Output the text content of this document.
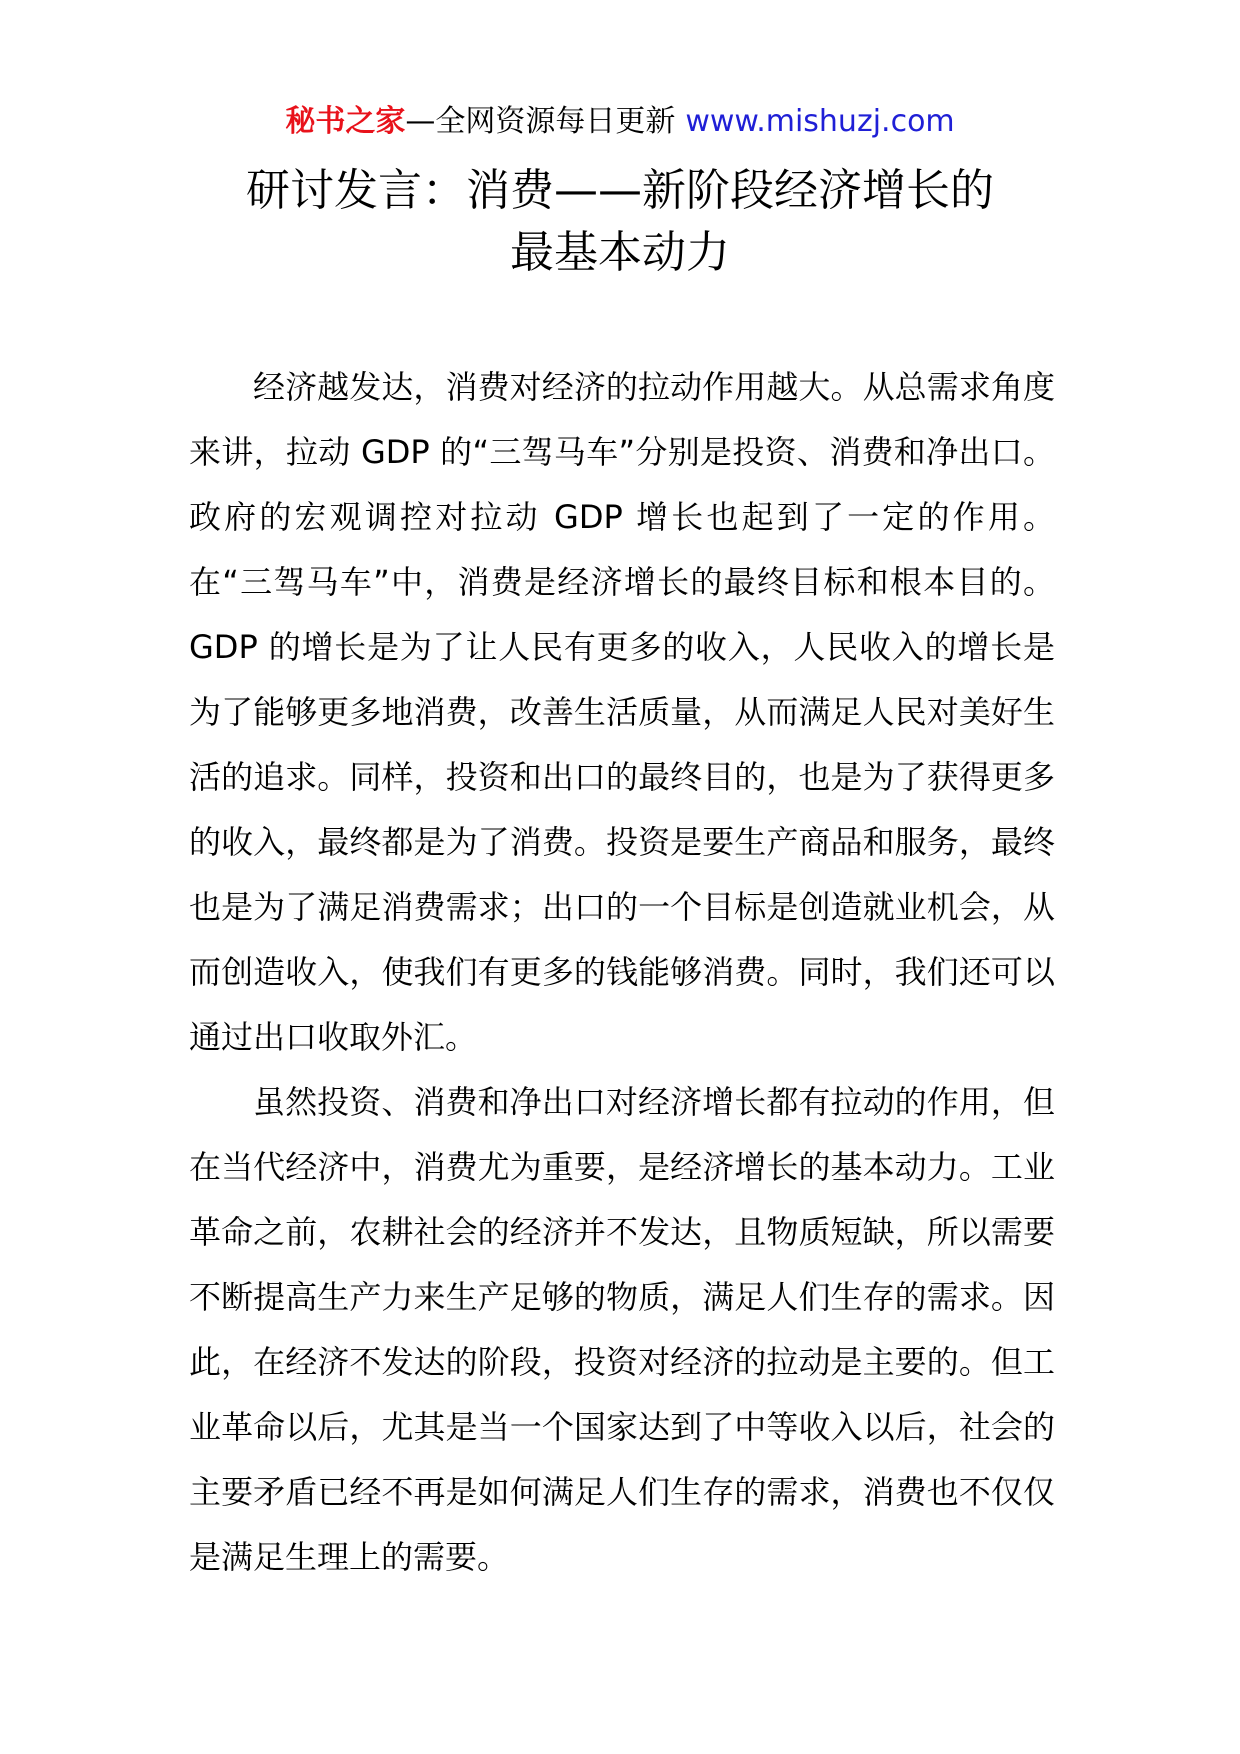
秘书之家—全网资源每日更新 www.mishuzj.com
研讨发言：消费——新阶段经济增长的
最基本动力

经济越发达，消费对经济的拉动作用越大。从总需求角度来讲，拉动 GDP 的“三驾马车”分别是投资、消费和净出口。政府的宏观调控对拉动 GDP 增长也起到了一定的作用。在“三驾马车”中，消费是经济增长的最终目标和根本目的。GDP 的增长是为了让人民有更多的收入，人民收入的增长是为了能够更多地消费，改善生活质量，从而满足人民对美好生活的追求。同样，投资和出口的最终目的，也是为了获得更多的收入，最终都是为了消费。投资是要生产商品和服务，最终也是为了满足消费需求；出口的一个目标是创造就业机会，从而创造收入，使我们有更多的钱能够消费。同时，我们还可以通过出口收取外汇。

虽然投资、消费和净出口对经济增长都有拉动的作用，但在当代经济中，消费尤为重要，是经济增长的基本动力。工业革命之前，农耕社会的经济并不发达，且物质短缺，所以需要不断提高生产力来生产足够的物质，满足人们生存的需求。因此，在经济不发达的阶段，投资对经济的拉动是主要的。但工业革命以后，尤其是当一个国家达到了中等收入以后，社会的主要矛盾已经不再是如何满足人们生存的需求，消费也不仅仅是满足生理上的需要。
